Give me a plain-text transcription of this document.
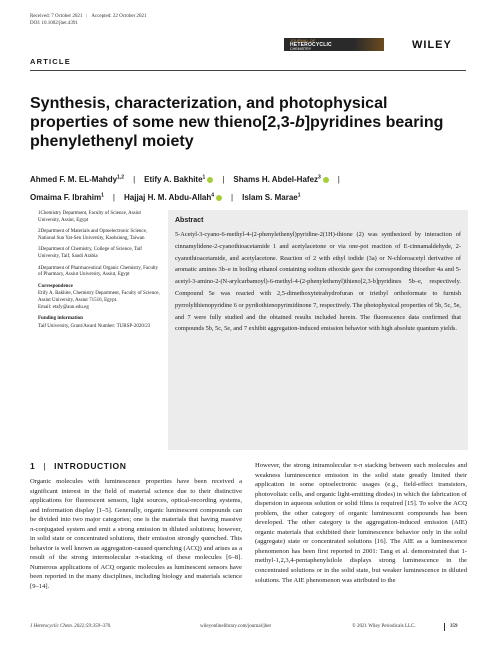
Received: 7 October 2021 | Accepted: 22 October 2021
DOI: 10.1002/jhet.4391
JOURNAL OF
HETEROCYCLIC
CHEMISTRY	WILEY
ARTICLE
Synthesis, characterization, and photophysical properties of some new thieno[2,3-b]pyridines bearing phenylethenyl moiety
Ahmed F. M. EL-Mahdy$^{1,2}$ | Etify A. Bakhite$^1$ | Shams H. Abdel-Hafez$^3$ |
Omaima F. Ibrahim$^1$ | Hajjaj H. M. Abdu-Allah$^4$ | Islam S. Marae$^1$

1Chemistry Department, Faculty of Science, Assiut University, Assiut, Egypt

2Department of Materials and Optoelectronic Science, National Sun Yat-Sen University, Kaohsiung, Taiwan

3Department of Chemistry, College of Science, Taif University, Taif, Saudi Arabia

4Department of Pharmaceutical Organic Chemistry, Faculty of Pharmacy, Assiut University, Assiut, Egypt

Correspondence

Etify A. Bakhite, Chemistry Department, Faculty of Science, Assiut University, Assiut 71516, Egypt.
Email: etafy@aun.edu.eg

Funding information

Taif University, Grant/Award Number: TURSP-2020/23

Abstract
5-Acetyl-3-cyano-6-methyl-4-(2-phenylethenyl)pyridine-2(1H)-thione (2) was synthesized by interaction of cinnamylidene-2-cyanothioacetamide 1 and acetylacetone or via one-pot reaction of E-cinnamaldehyde, 2-cyanothioacetamide, and acetylacetone. Reaction of 2 with ethyl iodide (3a) or N-chloroacetyl derivative of aromatic amines 3b–e in boiling ethanol containing sodium ethoxide gave the corresponding thioether 4a and 5-acetyl-3-amino-2-(N-arylcarbamoyl)-6-methyl-4-(2-phenylethenyl)thieno[2,3-b]pyridines 5b–e, respectively. Compound 5e was reacted with 2,5-dimethoxytetrahydrofuran or triethyl orthoformate to furnish pyrrolylthienopyridine 6 or pyrdiothienopyrimidinone 7, respectively. The photophysical properties of 5b, 5c, 5e, and 7 were fully studied and the obtained results included herein. The fluorescence data confirmed that compounds 5b, 5c, 5e, and 7 exhibit aggregation-induced emission behavior with high absolute quantum yields.
1 | INTRODUCTION
Organic molecules with luminescence properties have been received a significant interest in the field of material science due to their distinctive applications for fluorescent sensors, light sources, optical-recording systems, and information display [1–5]. Generally, organic luminescent compounds can be divided into two major categories; one is the materials that having massive π-conjugated system and emit a strong emission in diluted solutions; however, in solid state or concentrated solutions, their emission strongly quenched. This behavior is well known as aggregation-caused quenching (ACQ) and arises as a result of the strong intermolecular π-stacking of these molecules [6–8]. Numerous applications of ACQ organic molecules as luminescent sensors have been reported in the many disciplines, including biology and materials science [9–14].
However, the strong intramolecular π-π stacking between such molecules and weakness luminescence emission in the solid state greatly limited their application in some optoelectronic usages (e.g., field-effect transistors, photovoltaic cells, and organic light-emitting diodes) in which the fabrication of dispersion in aqueous solution or solid films is required [15]. To solve the ACQ problem, the other category of organic luminescent compounds has been developed. The other category is the aggregation-induced emission (AIE) organic materials that exhibited their luminescence behavior only in the solid (aggregate) state or concentrated solutions [16]. The AIE as a luminescence phenomenon has been first reported in 2001: Tang et al. demonstrated that 1-methyl-1,2,3,4-pentaphenylsilole displays strong luminescence in the concentrated solutions or in the solid state, but weaker luminescence in diluted solutions. The AIE phenomenon was attributed to the
J Heterocyclic Chem. 2022;59:359–370.	wileyonlinelibrary.com/journal/jhet	© 2021 Wiley Periodicals LLC.	359
